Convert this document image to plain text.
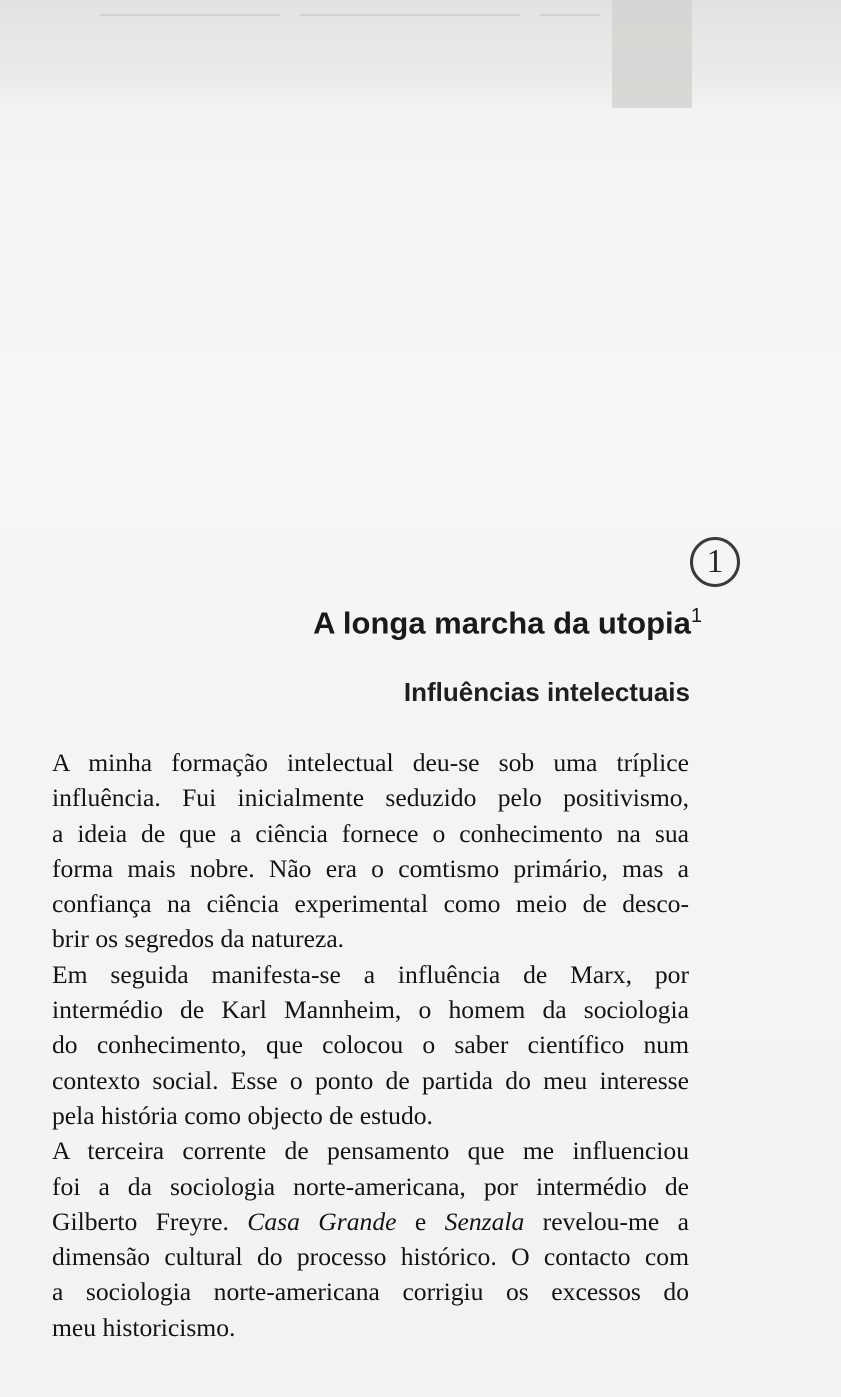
1
A longa marcha da utopia$^1$
Influências intelectuais
A minha formação intelectual deu-se sob uma tríplice
influência. Fui inicialmente seduzido pelo positivismo,
a ideia de que a ciência fornece o conhecimento na sua
forma mais nobre. Não era o comtismo primário, mas a
confiança na ciência experimental como meio de desco-
brir os segredos da natureza.
Em seguida manifesta-se a influência de Marx, por
intermédio de Karl Mannheim, o homem da sociologia
do conhecimento, que colocou o saber científico num
contexto social. Esse o ponto de partida do meu interesse
pela história como objecto de estudo.
A terceira corrente de pensamento que me influenciou
foi a da sociologia norte-americana, por intermédio de
Gilberto Freyre. Casa Grande e Senzala revelou-me a
dimensão cultural do processo histórico. O contacto com
a sociologia norte-americana corrigiu os excessos do
meu historicismo.
